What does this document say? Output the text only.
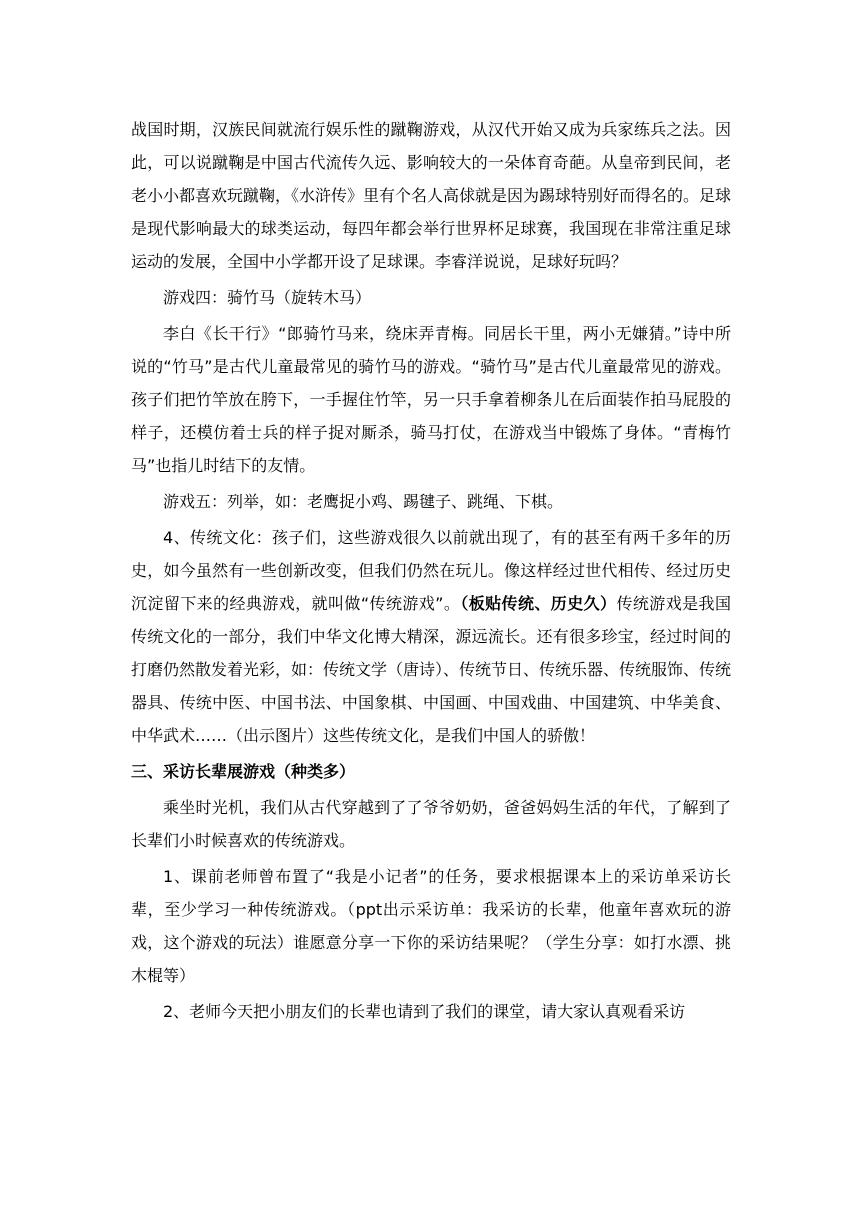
战国时期，汉族民间就流行娱乐性的蹴鞠游戏，从汉代开始又成为兵家练兵之法。因此，可以说蹴鞠是中国古代流传久远、影响较大的一朵体育奇葩。从皇帝到民间，老老小小都喜欢玩蹴鞠，《水浒传》里有个名人高俅就是因为踢球特别好而得名的。足球是现代影响最大的球类运动，每四年都会举行世界杯足球赛，我国现在非常注重足球运动的发展，全国中小学都开设了足球课。李睿洋说说，足球好玩吗？

游戏四：骑竹马（旋转木马）

李白《长干行》“郎骑竹马来，绕床弄青梅。同居长干里，两小无嫌猜。”诗中所说的“竹马”是古代儿童最常见的骑竹马的游戏。“骑竹马”是古代儿童最常见的游戏。孩子们把竹竿放在胯下，一手握住竹竿，另一只手拿着柳条儿在后面装作拍马屁股的样子，还模仿着士兵的样子捉对厮杀，骑马打仗，在游戏当中锻炼了身体。“青梅竹马”也指儿时结下的友情。

游戏五：列举，如：老鹰捉小鸡、踢毽子、跳绳、下棋。

4、传统文化：孩子们，这些游戏很久以前就出现了，有的甚至有两千多年的历史，如今虽然有一些创新改变，但我们仍然在玩儿。像这样经过世代相传、经过历史沉淀留下来的经典游戏，就叫做“传统游戏”。（板贴传统、历史久）传统游戏是我国传统文化的一部分，我们中华文化博大精深，源远流长。还有很多珍宝，经过时间的打磨仍然散发着光彩，如：传统文学（唐诗）、传统节日、传统乐器、传统服饰、传统器具、传统中医、中国书法、中国象棋、中国画、中国戏曲、中国建筑、中华美食、中华武术……（出示图片）这些传统文化，是我们中国人的骄傲！

三、采访长辈展游戏（种类多）

乘坐时光机，我们从古代穿越到了了爷爷奶奶，爸爸妈妈生活的年代，了解到了长辈们小时候喜欢的传统游戏。

1、课前老师曾布置了“我是小记者”的任务，要求根据课本上的采访单采访长辈，至少学习一种传统游戏。（ppt出示采访单：我采访的长辈，他童年喜欢玩的游戏，这个游戏的玩法）谁愿意分享一下你的采访结果呢？（学生分享：如打水漂、挑木棍等）

2、老师今天把小朋友们的长辈也请到了我们的课堂，请大家认真观看采访
